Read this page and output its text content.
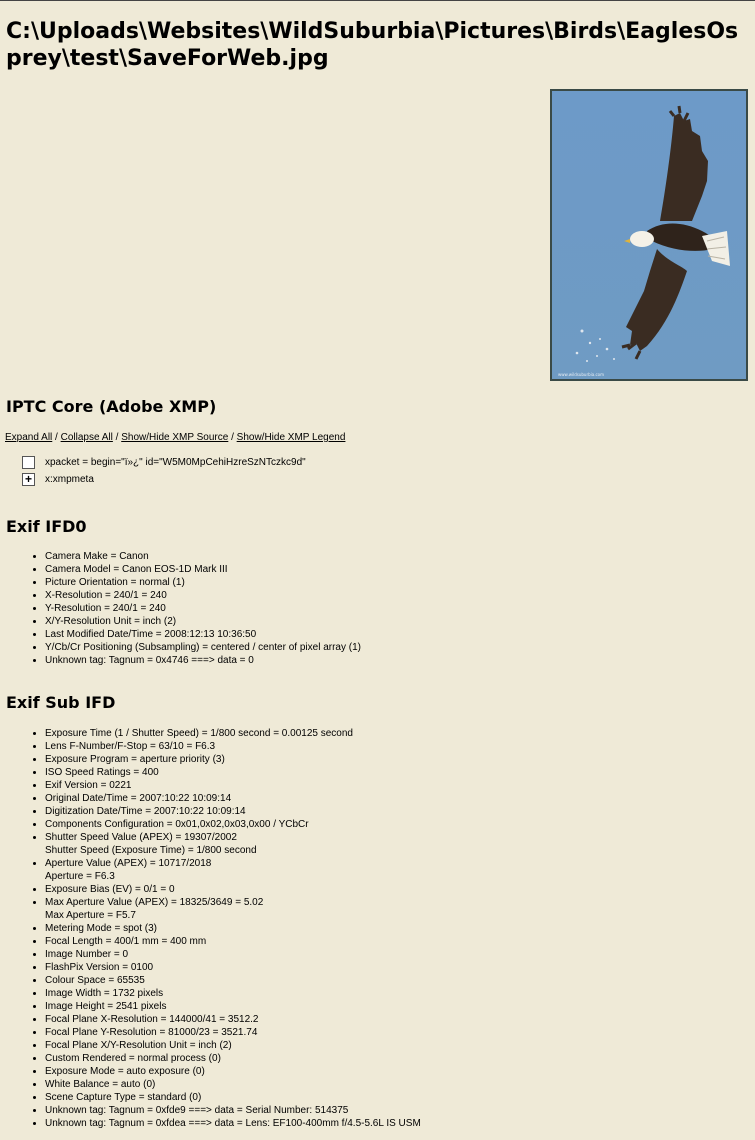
C:\Uploads\Websites\WildSuburbia\Pictures\Birds\EaglesOsprey\test\SaveForWeb.jpg
www.wildsuburbia.com
IPTC Core (Adobe XMP)
Expand All / Collapse All / Show/Hide XMP Source / Show/Hide XMP Legend
xpacket = begin="ï»¿" id="W5M0MpCehiHzreSzNTczkc9d"
+	x:xmpmeta
Exif IFD0
• Camera Make = Canon
• Camera Model = Canon EOS-1D Mark III
• Picture Orientation = normal (1)
• X-Resolution = 240/1 = 240
• Y-Resolution = 240/1 = 240
• X/Y-Resolution Unit = inch (2)
• Last Modified Date/Time = 2008:12:13 10:36:50
• Y/Cb/Cr Positioning (Subsampling) = centered / center of pixel array (1)
• Unknown tag: Tagnum = 0x4746 ===> data = 0
Exif Sub IFD
• Exposure Time (1 / Shutter Speed) = 1/800 second = 0.00125 second
• Lens F-Number/F-Stop = 63/10 = F6.3
• Exposure Program = aperture priority (3)
• ISO Speed Ratings = 400
• Exif Version = 0221
• Original Date/Time = 2007:10:22 10:09:14
• Digitization Date/Time = 2007:10:22 10:09:14
• Components Configuration = 0x01,0x02,0x03,0x00 / YCbCr
• Shutter Speed Value (APEX) = 19307/2002
Shutter Speed (Exposure Time) = 1/800 second
• Aperture Value (APEX) = 10717/2018
Aperture = F6.3
• Exposure Bias (EV) = 0/1 = 0
• Max Aperture Value (APEX) = 18325/3649 = 5.02
Max Aperture = F5.7
• Metering Mode = spot (3)
• Focal Length = 400/1 mm = 400 mm
• Image Number = 0
• FlashPix Version = 0100
• Colour Space = 65535
• Image Width = 1732 pixels
• Image Height = 2541 pixels
• Focal Plane X-Resolution = 144000/41 = 3512.2
• Focal Plane Y-Resolution = 81000/23 = 3521.74
• Focal Plane X/Y-Resolution Unit = inch (2)
• Custom Rendered = normal process (0)
• Exposure Mode = auto exposure (0)
• White Balance = auto (0)
• Scene Capture Type = standard (0)
• Unknown tag: Tagnum = 0xfde9 ===> data = Serial Number: 514375
• Unknown tag: Tagnum = 0xfdea ===> data = Lens: EF100-400mm f/4.5-5.6L IS USM
